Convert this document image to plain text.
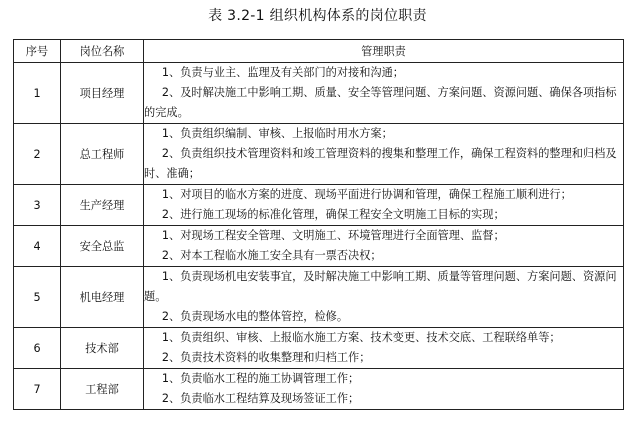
表 3.2-1 组织机构体系的岗位职责
序号	岗位名称	管理职责
1	项目经理	1、负责与业主、监理及有关部门的对接和沟通；
2、及时解决施工中影响工期、质量、安全等管理问题、方案问题、资源问题、确保各项指标的完成。

2	总工程师	1、负责组织编制、审核、上报临时用水方案；
2、负责组织技术管理资料和竣工管理资料的搜集和整理工作，确保工程资料的整理和归档及时、准确；

3	生产经理	1、对项目的临水方案的进度、现场平面进行协调和管理，确保工程施工顺利进行；
2、进行施工现场的标准化管理，确保工程安全文明施工目标的实现；

4	安全总监	1、对现场工程安全管理、文明施工、环境管理进行全面管理、监督；
2、对本工程临水施工安全具有一票否决权；

5	机电经理	1、负责现场机电安装事宜，及时解决施工中影响工期、质量等管理问题、方案问题、资源问题。
2、负责现场水电的整体管控，检修。

6	技术部	1、负责组织、审核、上报临水施工方案、技术变更、技术交底、工程联络单等；
2、负责技术资料的收集整理和归档工作；

7	工程部	1、负责临水工程的施工协调管理工作；
2、负责临水工程结算及现场签证工作；
